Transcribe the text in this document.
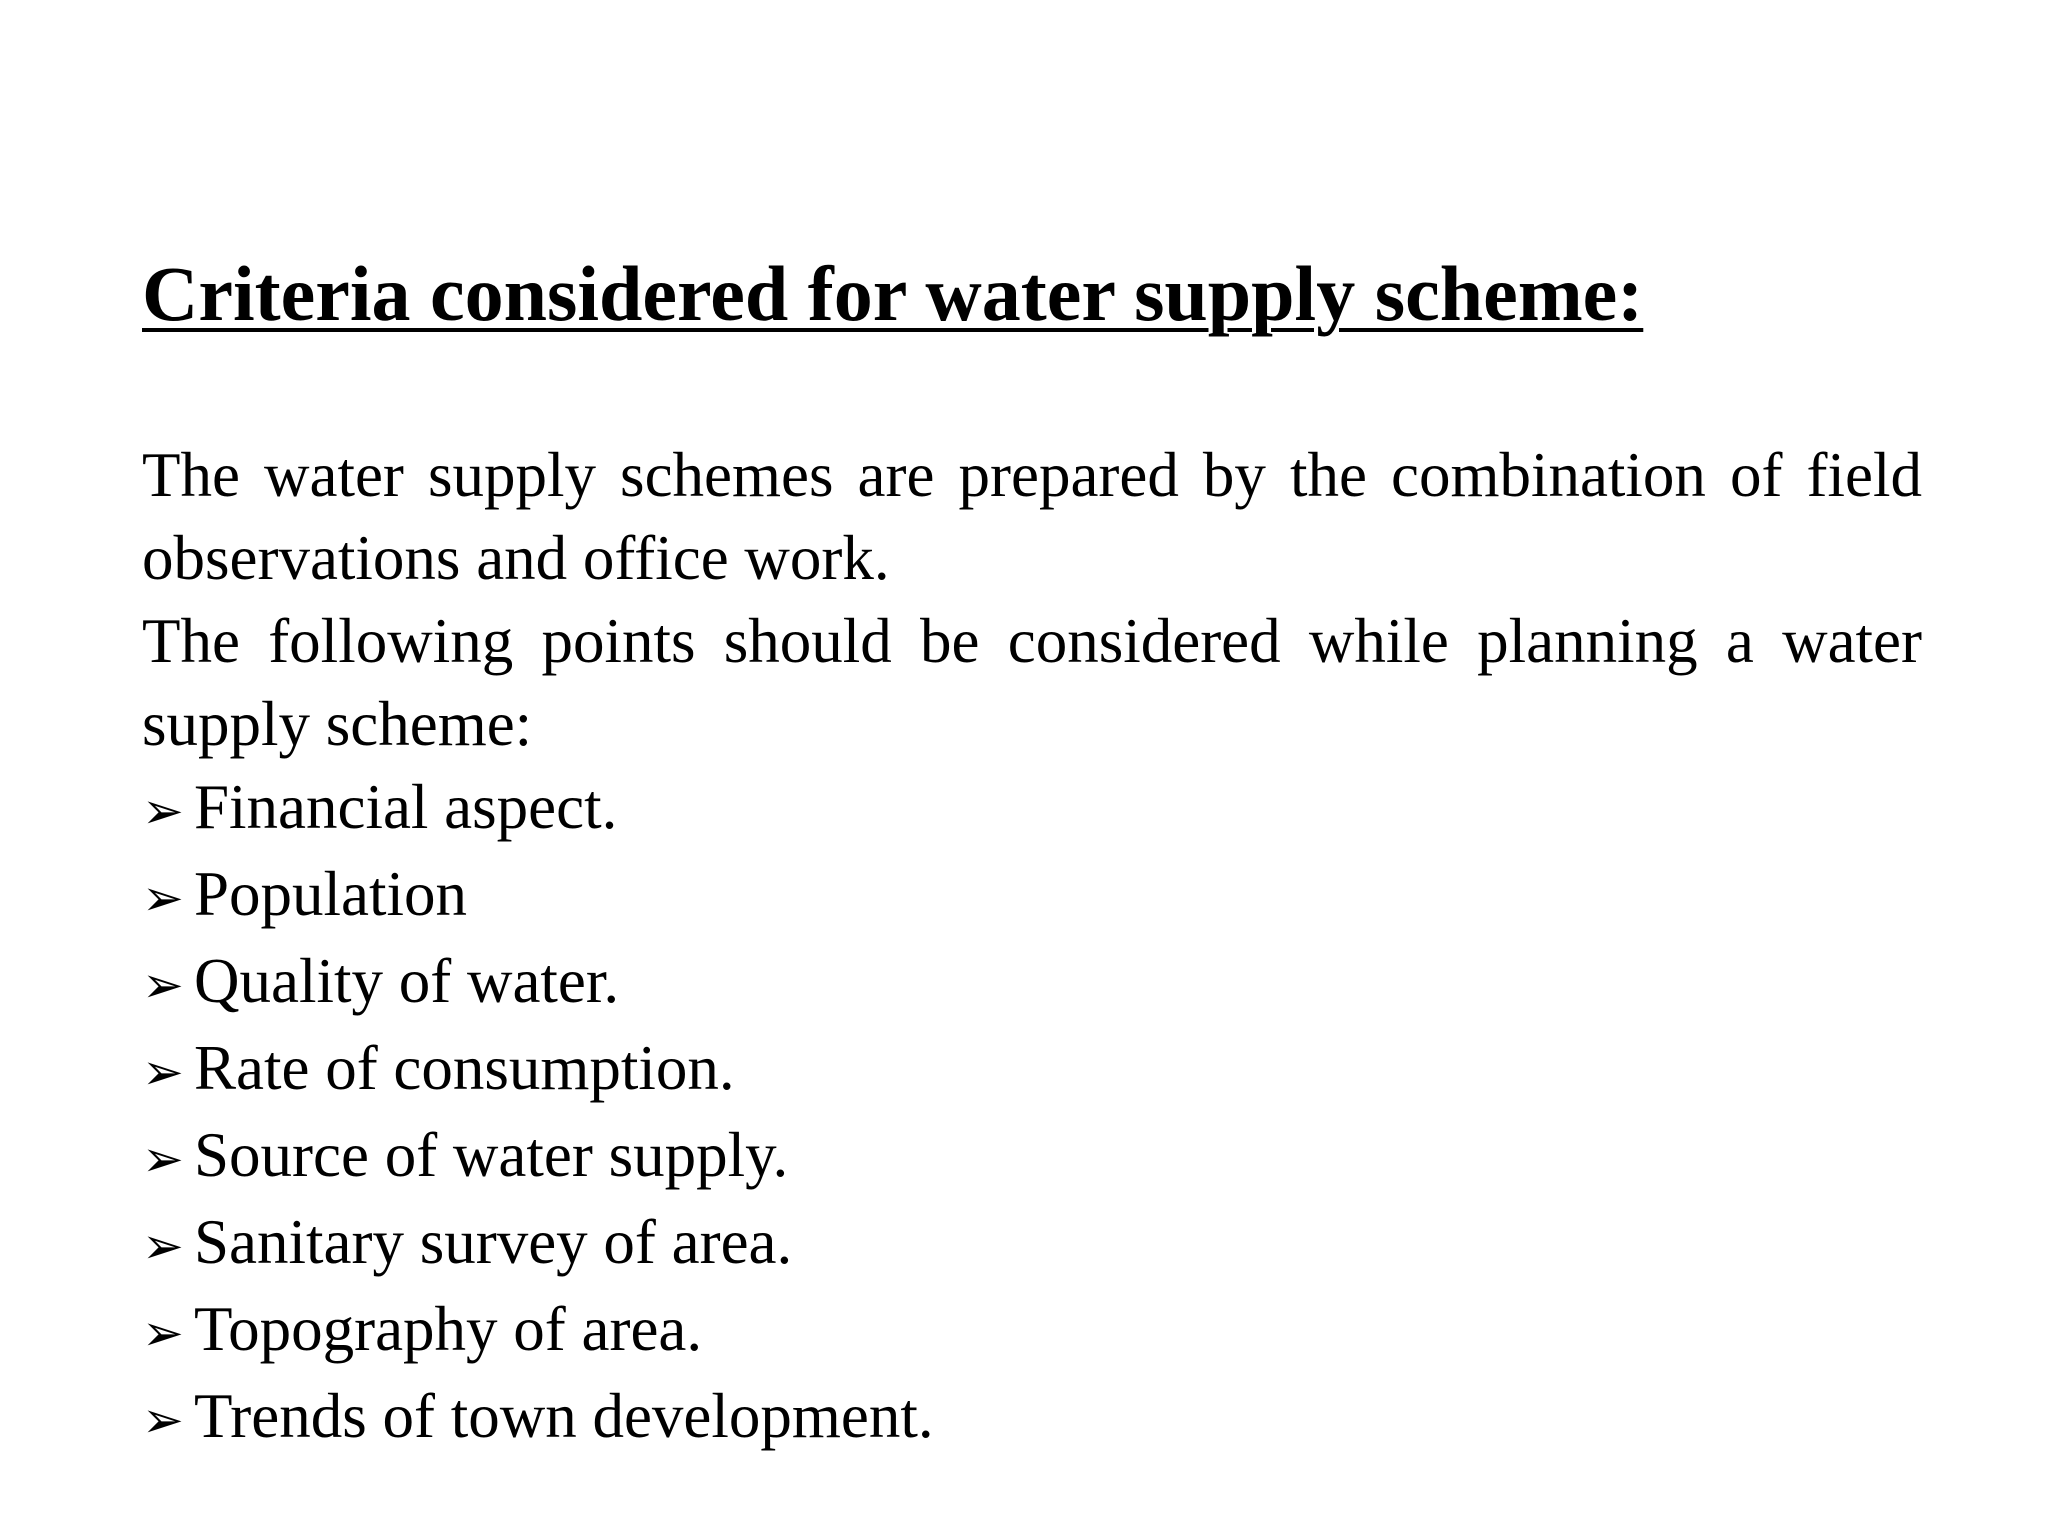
Criteria considered for water supply scheme:

The water supply schemes are prepared by the combination of field observations and office work.

The following points should be considered while planning a water supply scheme:

➢ Financial aspect.
➢ Population
➢ Quality of water.
➢ Rate of consumption.
➢ Source of water supply.
➢ Sanitary survey of area.
➢ Topography of area.
➢ Trends of town development.
